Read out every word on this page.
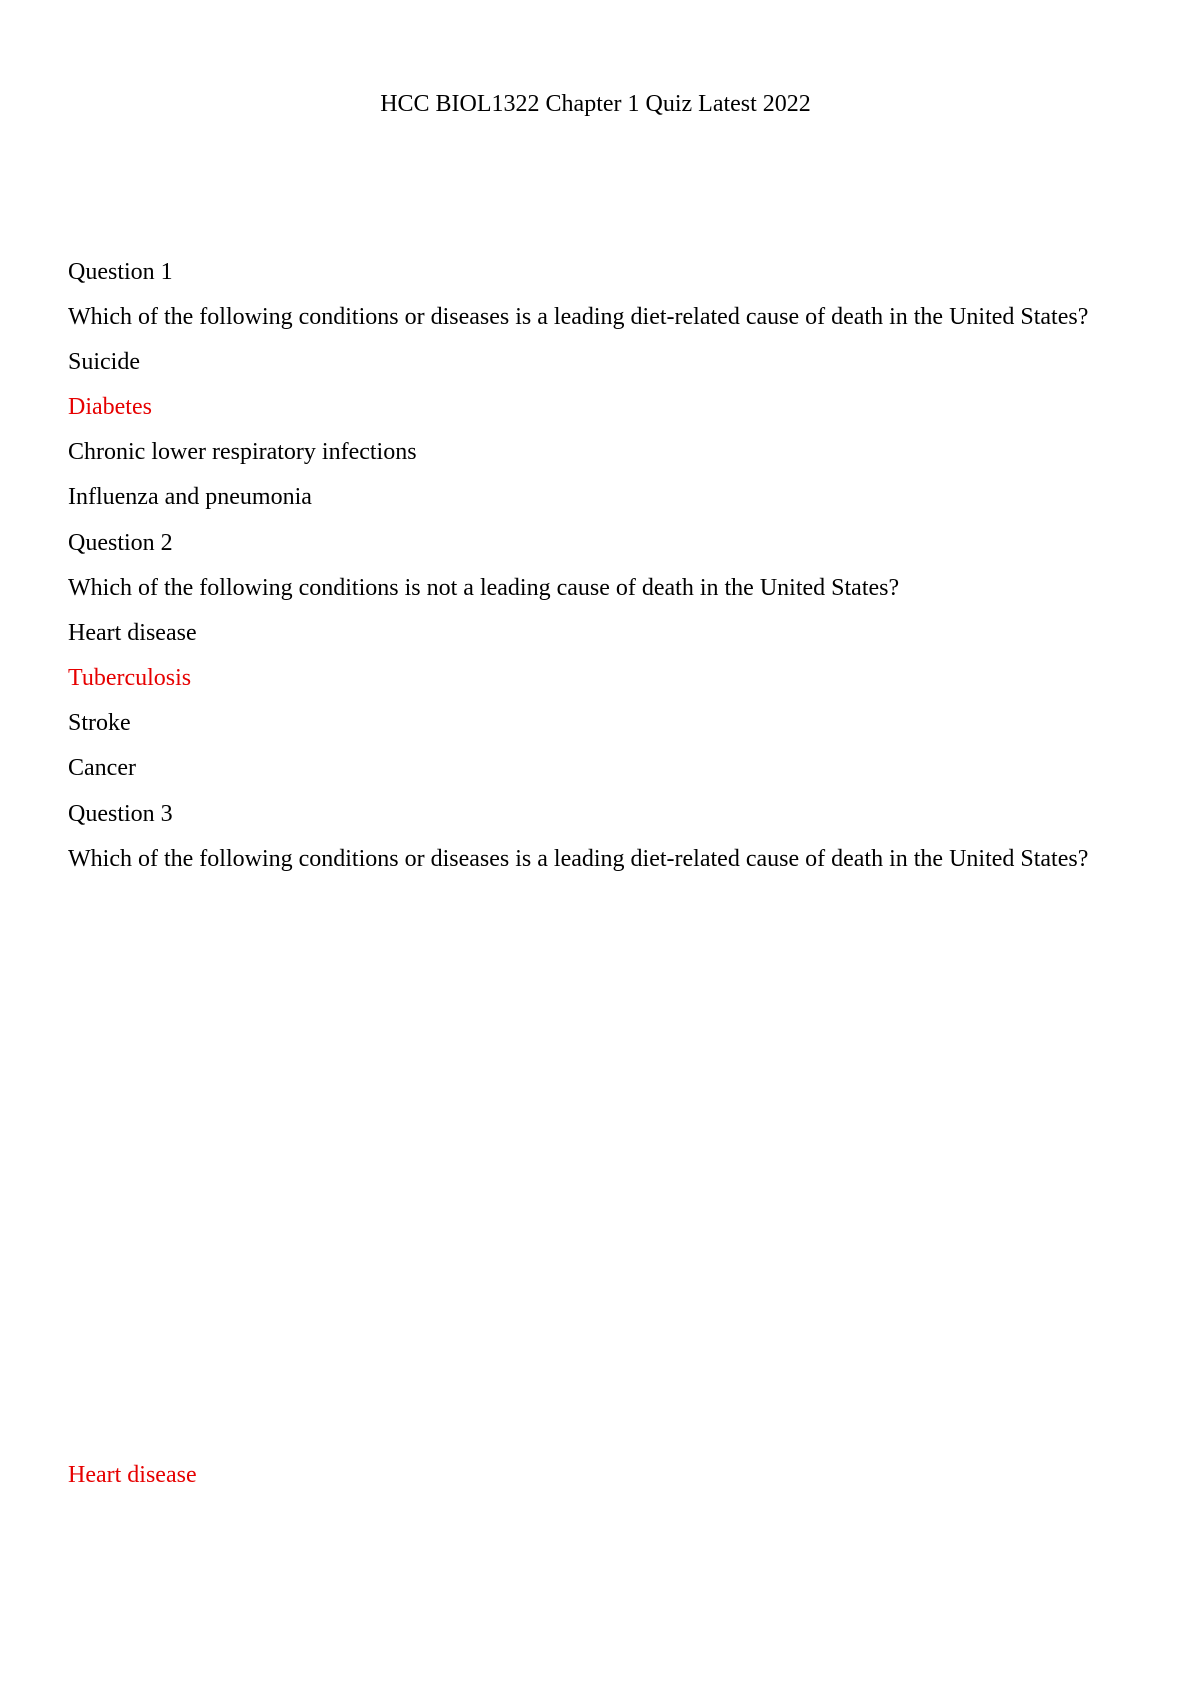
HCC BIOL1322 Chapter 1 Quiz Latest 2022
Question 1
Which of the following conditions or diseases is a leading diet-related cause of death in the United States?
Suicide
Diabetes
Chronic lower respiratory infections
Influenza and pneumonia
Question 2
Which of the following conditions is not a leading cause of death in the United States?
Heart disease
Tuberculosis
Stroke
Cancer
Question 3
Which of the following conditions or diseases is a leading diet-related cause of death in the United States?
Heart disease
